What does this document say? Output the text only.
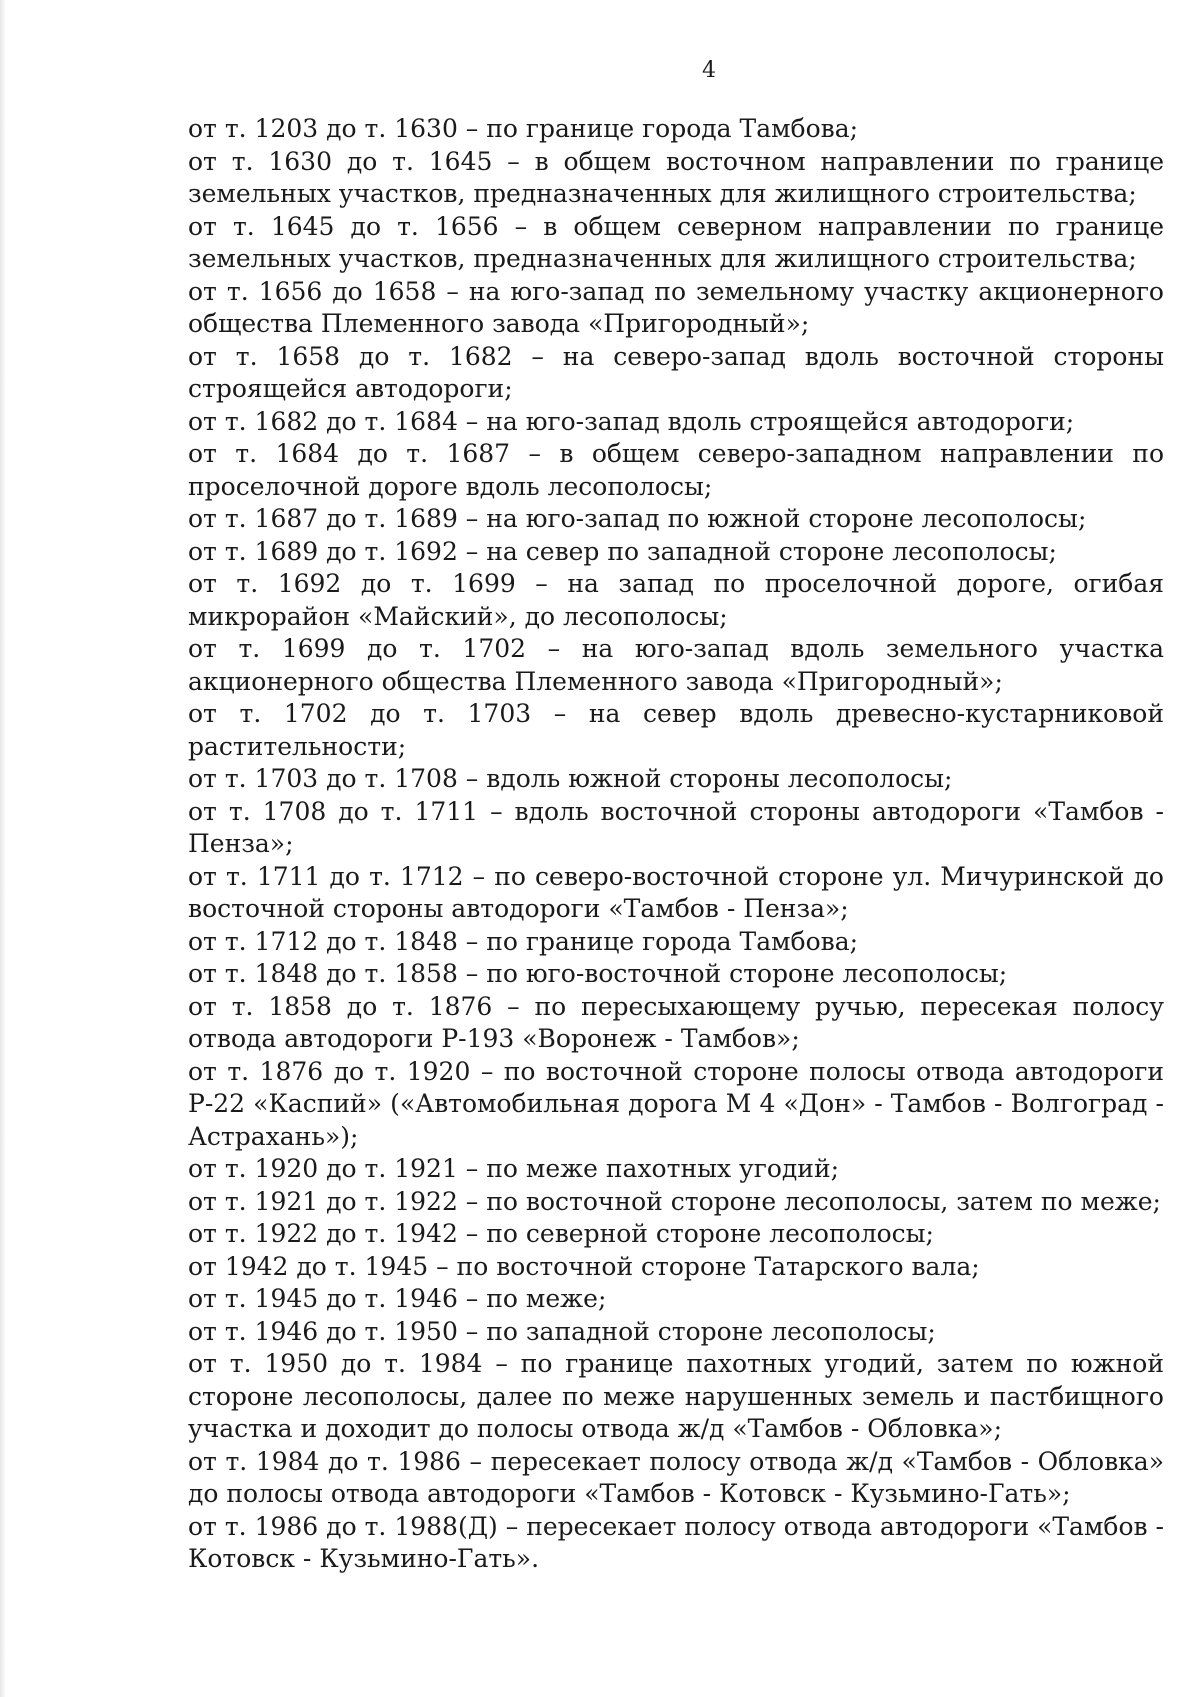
4

от т. 1203 до т. 1630 – по границе города Тамбова;

от т. 1630 до т. 1645 – в общем восточном направлении по границе земельных участков, предназначенных для жилищного строительства;

от т. 1645 до т. 1656 – в общем северном направлении по границе земельных участков, предназначенных для жилищного строительства;

от т. 1656 до 1658 – на юго-запад по земельному участку акционерного общества Племенного завода «Пригородный»;

от т. 1658 до т. 1682 – на северо-запад вдоль восточной стороны строящейся автодороги;

от т. 1682 до т. 1684 – на юго-запад вдоль строящейся автодороги;

от т. 1684 до т. 1687 – в общем северо-западном направлении по проселочной дороге вдоль лесополосы;

от т. 1687 до т. 1689 – на юго-запад по южной стороне лесополосы;

от т. 1689 до т. 1692 – на север по западной стороне лесополосы;

от т. 1692 до т. 1699 – на запад по проселочной дороге, огибая микрорайон «Майский», до лесополосы;

от т. 1699 до т. 1702 – на юго-запад вдоль земельного участка акционерного общества Племенного завода «Пригородный»;

от т. 1702 до т. 1703 – на север вдоль древесно-кустарниковой растительности;

от т. 1703 до т. 1708 – вдоль южной стороны лесополосы;

от т. 1708 до т. 1711 – вдоль восточной стороны автодороги «Тамбов - Пенза»;

от т. 1711 до т. 1712 – по северо-восточной стороне ул. Мичуринской до восточной стороны автодороги «Тамбов - Пенза»;

от т. 1712 до т. 1848 – по границе города Тамбова;

от т. 1848 до т. 1858 – по юго-восточной стороне лесополосы;

от т. 1858 до т. 1876 – по пересыхающему ручью, пересекая полосу отвода автодороги Р-193 «Воронеж - Тамбов»;

от т. 1876 до т. 1920 – по восточной стороне полосы отвода автодороги Р-22 «Каспий» («Автомобильная дорога М 4 «Дон» - Тамбов - Волгоград - Астрахань»);

от т. 1920 до т. 1921 – по меже пахотных угодий;

от т. 1921 до т. 1922 – по восточной стороне лесополосы, затем по меже;

от т. 1922 до т. 1942 – по северной стороне лесополосы;

от 1942 до т. 1945 – по восточной стороне Татарского вала;

от т. 1945 до т. 1946 – по меже;

от т. 1946 до т. 1950 – по западной стороне лесополосы;

от т. 1950 до т. 1984 – по границе пахотных угодий, затем по южной стороне лесополосы, далее по меже нарушенных земель и пастбищного участка и доходит до полосы отвода ж/д «Тамбов - Обловка»;

от т. 1984 до т. 1986 – пересекает полосу отвода ж/д «Тамбов - Обловка» до полосы отвода автодороги «Тамбов - Котовск - Кузьмино-Гать»;

от т. 1986 до т. 1988(Д) – пересекает полосу отвода автодороги «Тамбов - Котовск - Кузьмино-Гать».
